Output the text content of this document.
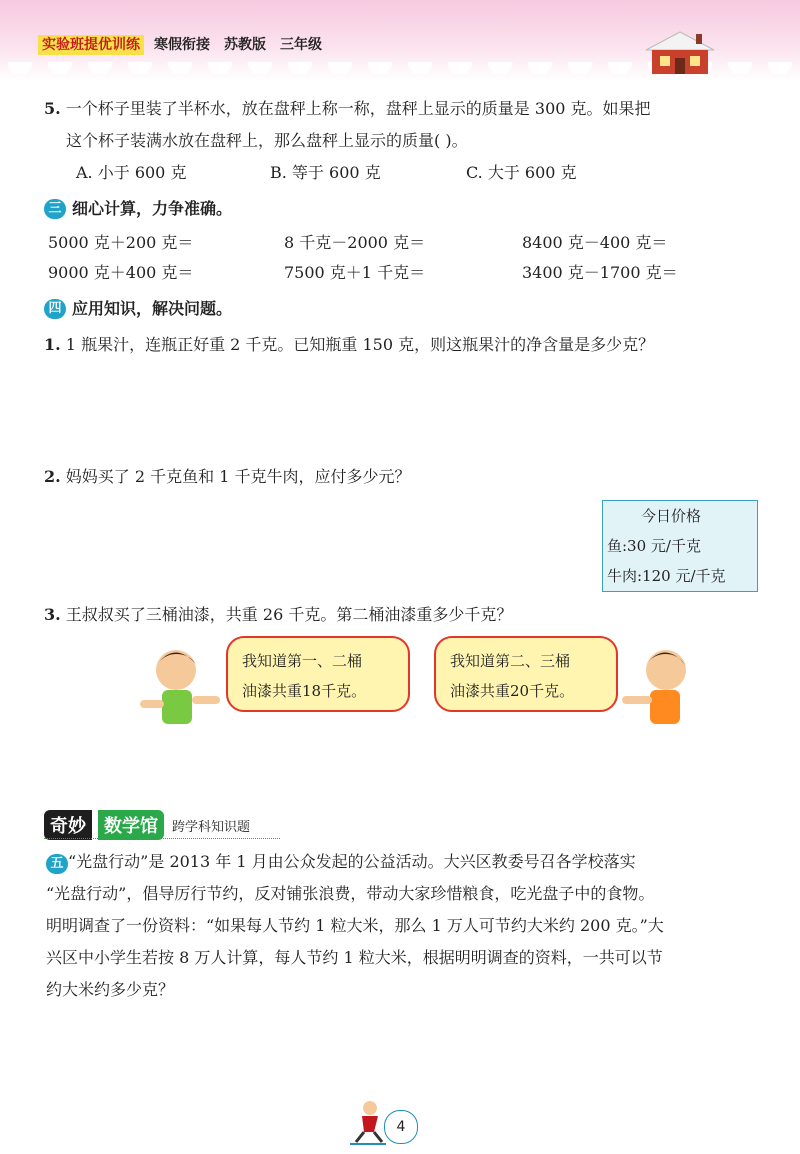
实验班提优训练 寒假衔接 苏教版 三年级
5. 一个杯子里装了半杯水，放在盘秤上称一称，盘秤上显示的质量是 300 克。如果把
这个杯子装满水放在盘秤上，那么盘秤上显示的质量( )。
A. 小于 600 克	B. 等于 600 克	C. 大于 600 克
三 细心计算，力争准确。
5000 克＋200 克＝	8 千克－2000 克＝	8400 克－400 克＝
9000 克＋400 克＝	7500 克＋1 千克＝	3400 克－1700 克＝
四 应用知识，解决问题。
1. 1 瓶果汁，连瓶正好重 2 千克。已知瓶重 150 克，则这瓶果汁的净含量是多少克？
2. 妈妈买了 2 千克鱼和 1 千克牛肉，应付多少元？
今日价格
鱼:30 元/千克
牛肉:120 元/千克
3. 王叔叔买了三桶油漆，共重 26 千克。第二桶油漆重多少千克？
我知道第一、二桶
油漆共重18千克。
我知道第二、三桶
油漆共重20千克。
奇妙	数学馆	跨学科知识题
五 “光盘行动”是 2013 年 1 月由公众发起的公益活动。大兴区教委号召各学校落实
“光盘行动”，倡导厉行节约，反对铺张浪费，带动大家珍惜粮食，吃光盘子中的食物。
明明调查了一份资料：“如果每人节约 1 粒大米，那么 1 万人可节约大米约 200 克。”大
兴区中小学生若按 8 万人计算，每人节约 1 粒大米，根据明明调查的资料，一共可以节
约大米约多少克？
4
